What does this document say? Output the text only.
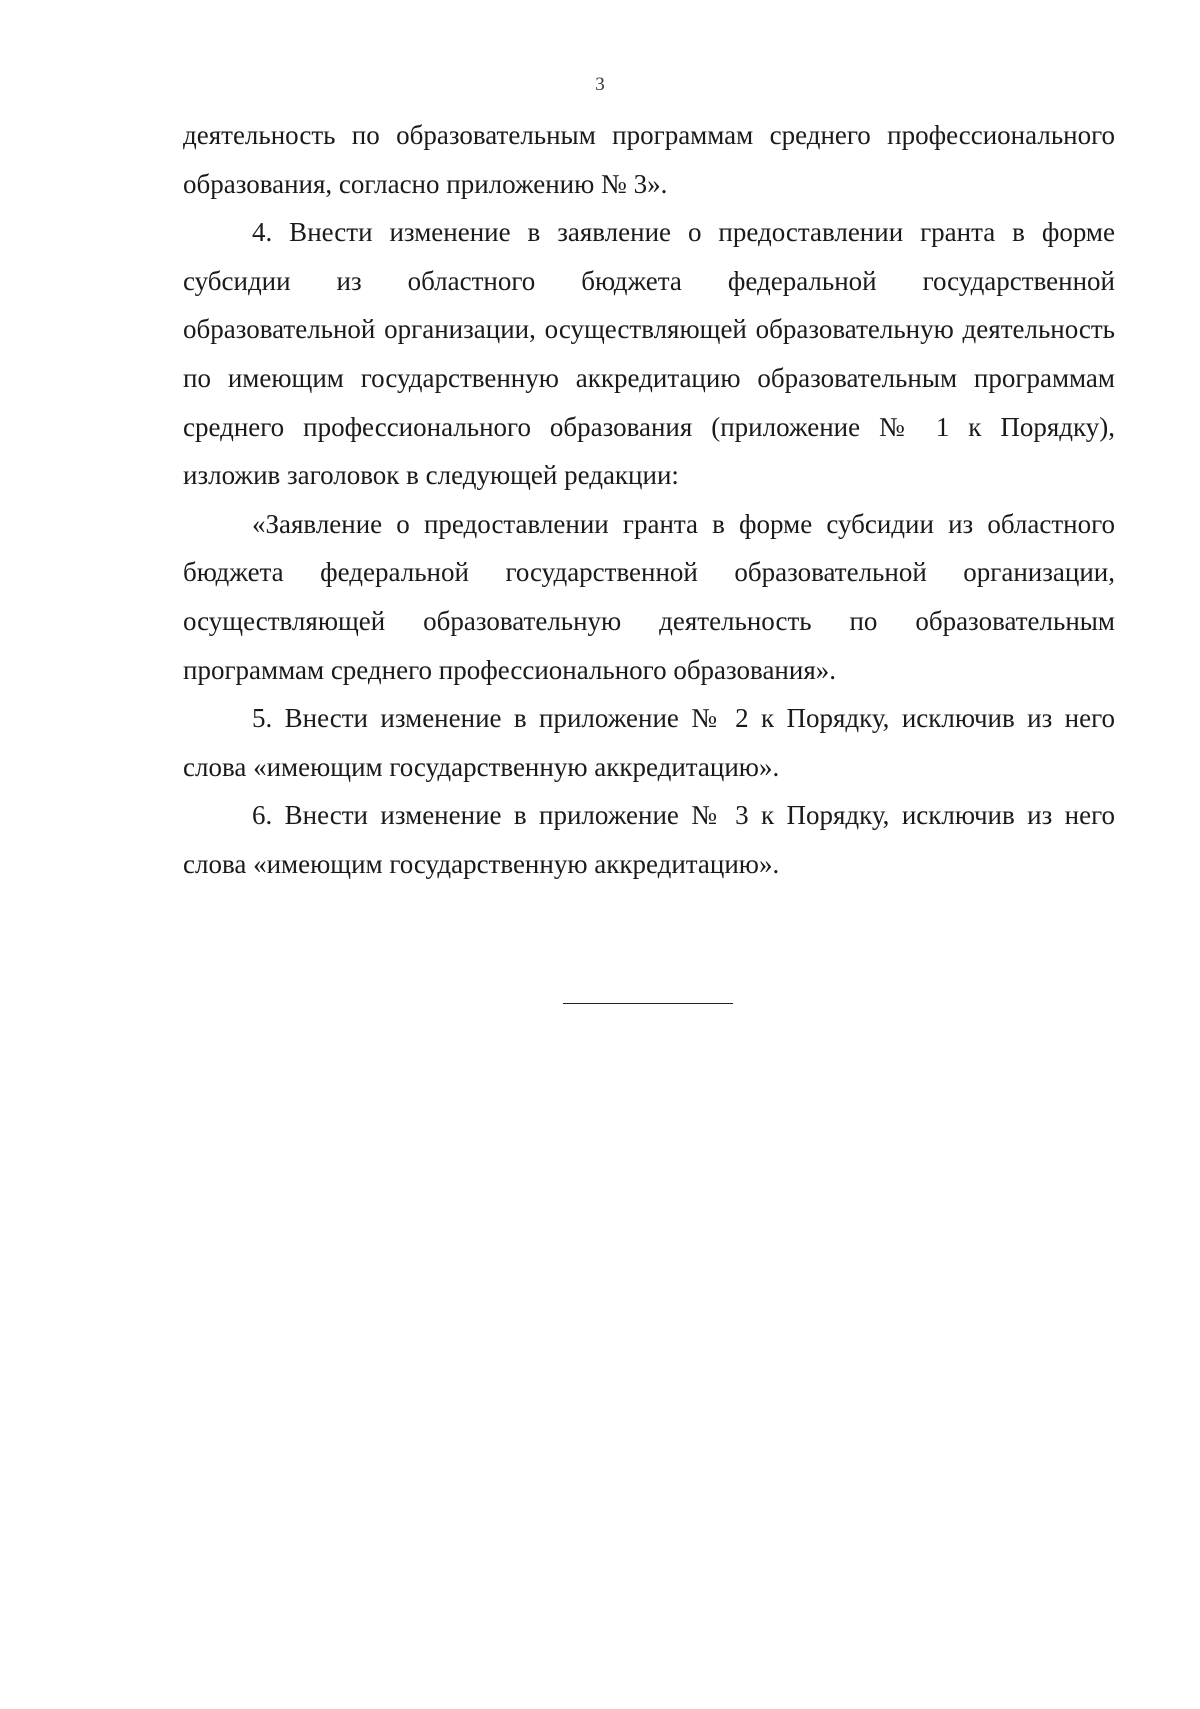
3

деятельность по образовательным программам среднего профессионального образования, согласно приложению № 3».

4. Внести изменение в заявление о предоставлении гранта в форме субсидии из областного бюджета федеральной государственной образовательной организации, осуществляющей образовательную деятельность по имеющим государственную аккредитацию образовательным программам среднего профессионального образования (приложение № 1 к Порядку), изложив заголовок в следующей редакции:

«Заявление о предоставлении гранта в форме субсидии из областного бюджета федеральной государственной образовательной организации, осуществляющей образовательную деятельность по образовательным программам среднего профессионального образования».

5. Внести изменение в приложение № 2 к Порядку, исключив из него слова «имеющим государственную аккредитацию».

6. Внести изменение в приложение № 3 к Порядку, исключив из него слова «имеющим государственную аккредитацию».
